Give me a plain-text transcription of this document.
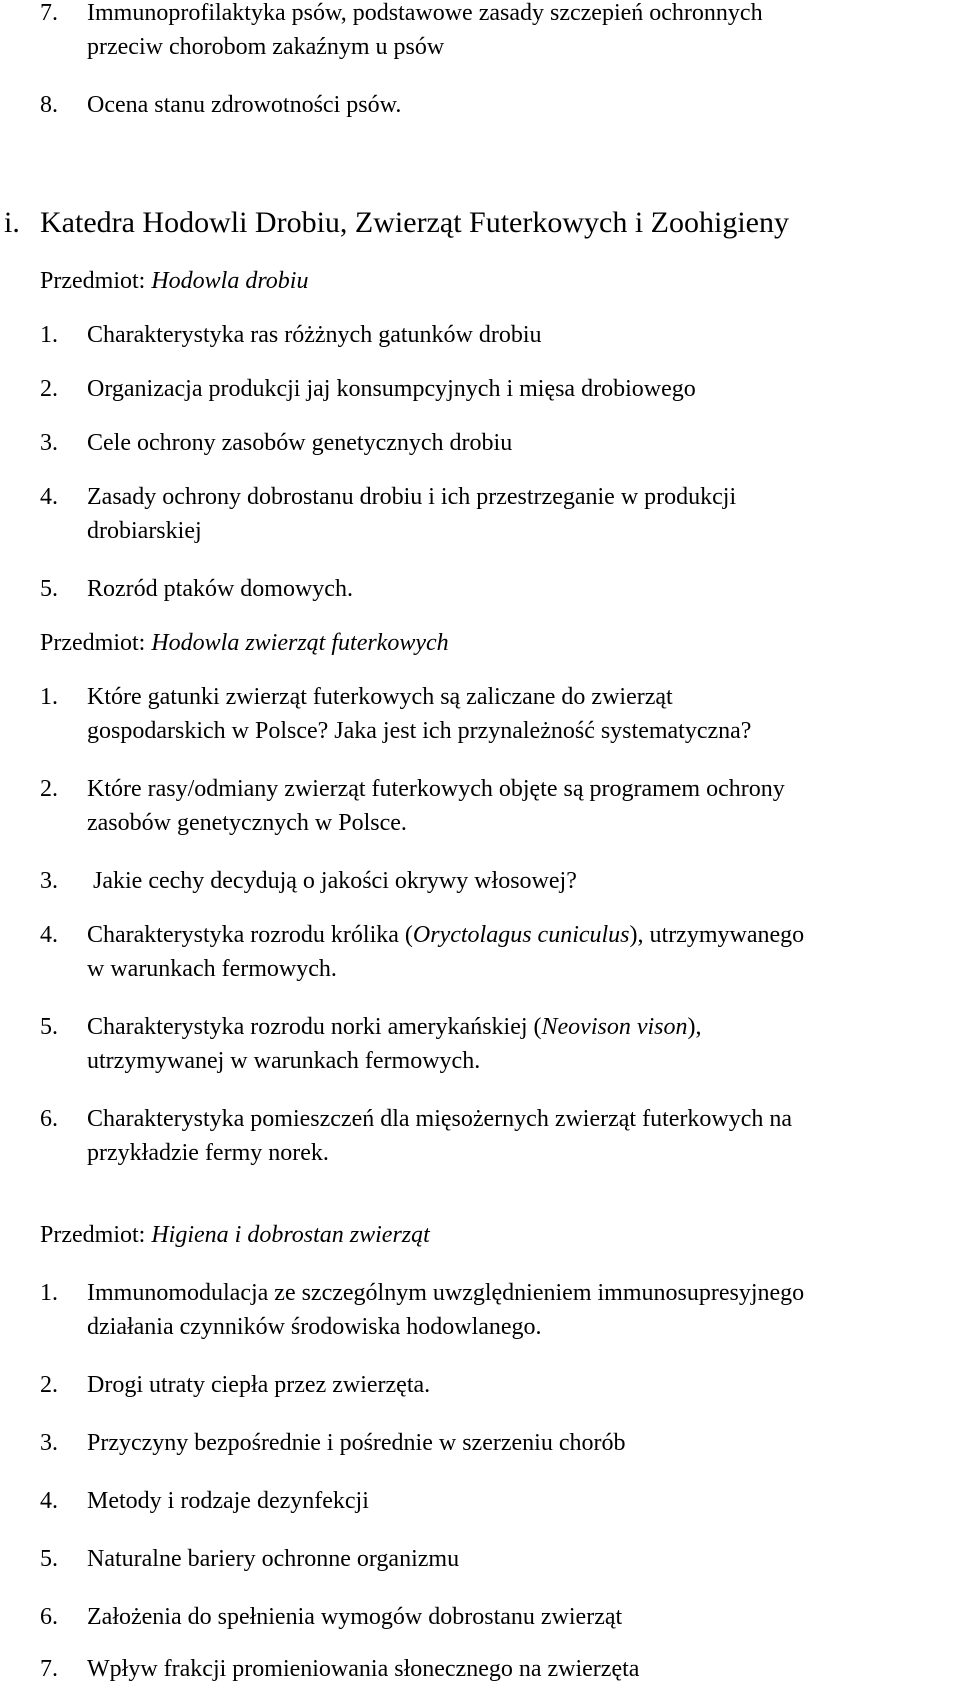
7. Immunoprofilaktyka psów, podstawowe zasady szczepień ochronnych
przeciw chorobom zakaźnym u psów
8. Ocena stanu zdrowotności psów.
i. Katedra Hodowli Drobiu, Zwierząt Futerkowych i Zoohigieny
Przedmiot: Hodowla drobiu
1. Charakterystyka ras różżnych gatunków drobiu
2. Organizacja produkcji jaj konsumpcyjnych i mięsa drobiowego
3. Cele ochrony zasobów genetycznych drobiu
4. Zasady ochrony dobrostanu drobiu i ich przestrzeganie w produkcji
drobiarskiej
5. Rozród ptaków domowych.
Przedmiot: Hodowla zwierząt futerkowych
1. Które gatunki zwierząt futerkowych są zaliczane do zwierząt
gospodarskich w Polsce? Jaka jest ich przynależność systematyczna?
2. Które rasy/odmiany zwierząt futerkowych objęte są programem ochrony
zasobów genetycznych w Polsce.
3. Jakie cechy decydują o jakości okrywy włosowej?
4. Charakterystyka rozrodu królika (Oryctolagus cuniculus), utrzymywanego
w warunkach fermowych.
5. Charakterystyka rozrodu norki amerykańskiej (Neovison vison),
utrzymywanej w warunkach fermowych.
6. Charakterystyka pomieszczeń dla mięsożernych zwierząt futerkowych na
przykładzie fermy norek.
Przedmiot: Higiena i dobrostan zwierząt
1. Immunomodulacja ze szczególnym uwzględnieniem immunosupresyjnego
działania czynników środowiska hodowlanego.
2. Drogi utraty ciepła przez zwierzęta.
3. Przyczyny bezpośrednie i pośrednie w szerzeniu chorób
4. Metody i rodzaje dezynfekcji
5. Naturalne bariery ochronne organizmu
6. Założenia do spełnienia wymogów dobrostanu zwierząt
7. Wpływ frakcji promieniowania słonecznego na zwierzęta
